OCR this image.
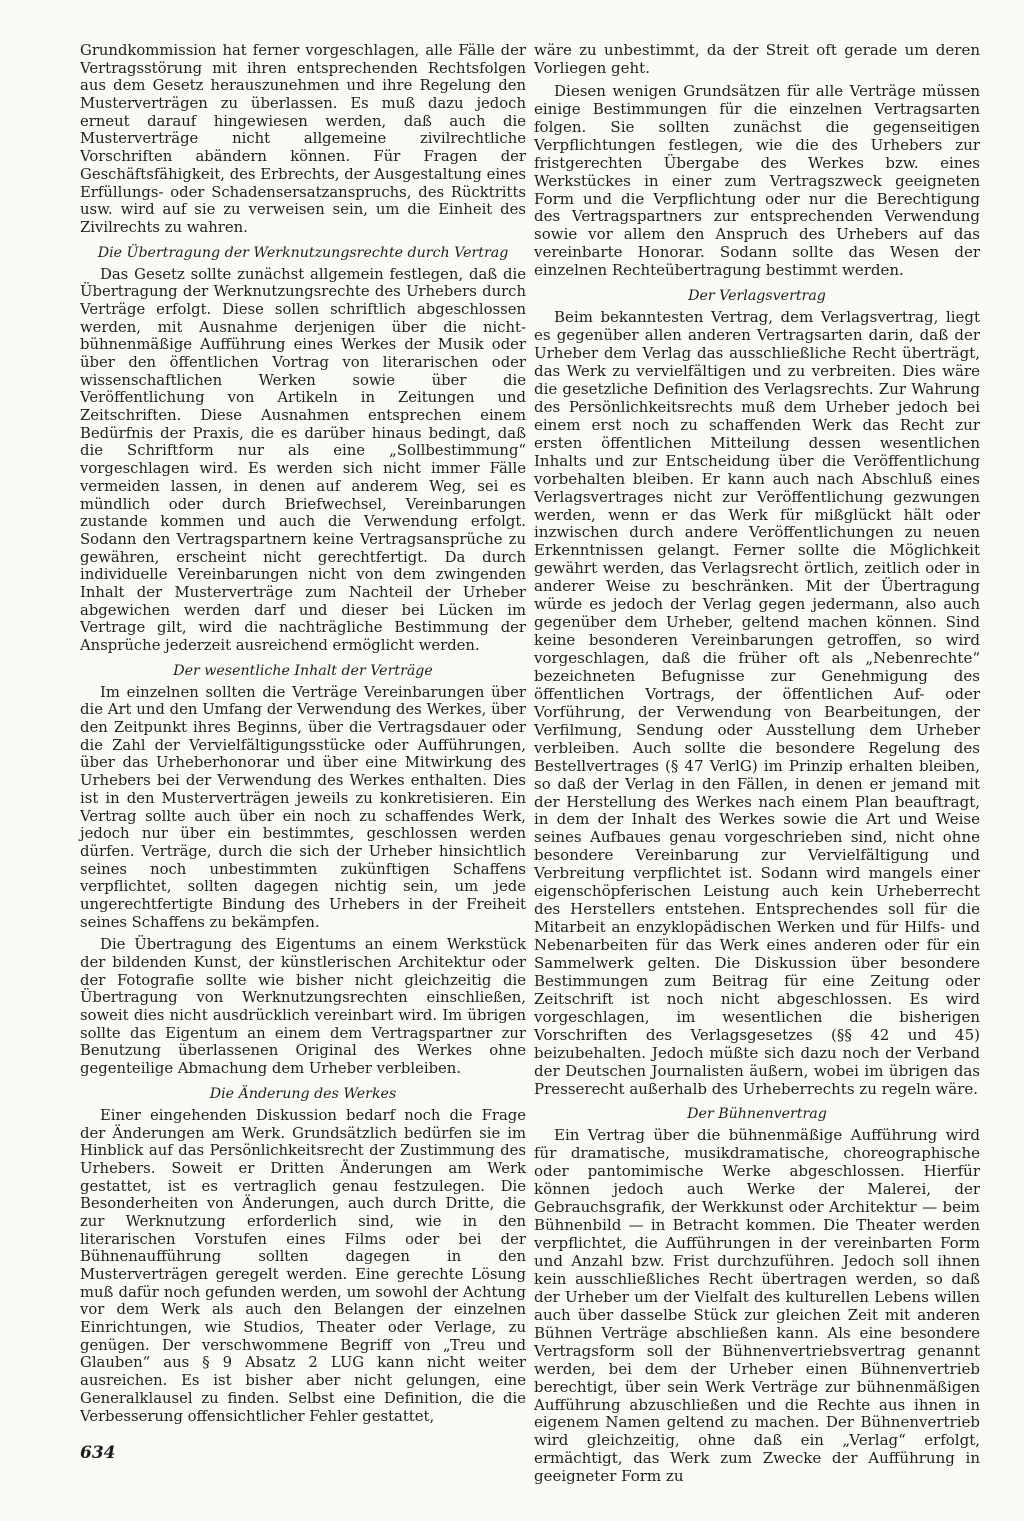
Grundkommission hat ferner vorgeschlagen, alle Fälle der Vertragsstörung mit ihren entsprechenden Rechtsfolgen aus dem Gesetz herauszunehmen und ihre Regelung den Musterverträgen zu überlassen. Es muß dazu jedoch erneut darauf hingewiesen werden, daß auch die Musterverträge nicht allgemeine zivilrechtliche Vorschriften abändern können. Für Fragen der Geschäftsfähigkeit, des Erbrechts, der Ausgestaltung eines Erfüllungs- oder Schadensersatzanspruchs, des Rücktritts usw. wird auf sie zu verweisen sein, um die Einheit des Zivilrechts zu wahren.

Die Übertragung der Werknutzungsrechte durch Vertrag

Das Gesetz sollte zunächst allgemein festlegen, daß die Übertragung der Werknutzungsrechte des Urhebers durch Verträge erfolgt. Diese sollen schriftlich abgeschlossen werden, mit Ausnahme derjenigen über die nicht-bühnenmäßige Aufführung eines Werkes der Musik oder über den öffentlichen Vortrag von literarischen oder wissenschaftlichen Werken sowie über die Veröffentlichung von Artikeln in Zeitungen und Zeitschriften. Diese Ausnahmen entsprechen einem Bedürfnis der Praxis, die es darüber hinaus bedingt, daß die Schriftform nur als eine „Sollbestimmung“ vorgeschlagen wird. Es werden sich nicht immer Fälle vermeiden lassen, in denen auf anderem Weg, sei es mündlich oder durch Briefwechsel, Vereinbarungen zustande kommen und auch die Verwendung erfolgt. Sodann den Vertragspartnern keine Vertragsansprüche zu gewähren, erscheint nicht gerechtfertigt. Da durch individuelle Vereinbarungen nicht von dem zwingenden Inhalt der Musterverträge zum Nachteil der Urheber abgewichen werden darf und dieser bei Lücken im Vertrage gilt, wird die nachträgliche Bestimmung der Ansprüche jederzeit ausreichend ermöglicht werden.

Der wesentliche Inhalt der Verträge

Im einzelnen sollten die Verträge Vereinbarungen über die Art und den Umfang der Verwendung des Werkes, über den Zeitpunkt ihres Beginns, über die Vertragsdauer oder die Zahl der Vervielfältigungsstücke oder Aufführungen, über das Urheberhonorar und über eine Mitwirkung des Urhebers bei der Verwendung des Werkes enthalten. Dies ist in den Musterverträgen jeweils zu konkretisieren. Ein Vertrag sollte auch über ein noch zu schaffendes Werk, jedoch nur über ein bestimmtes, geschlossen werden dürfen. Verträge, durch die sich der Urheber hinsichtlich seines noch unbestimmten zukünftigen Schaffens verpflichtet, sollten dagegen nichtig sein, um jede ungerechtfertigte Bindung des Urhebers in der Freiheit seines Schaffens zu bekämpfen.

Die Übertragung des Eigentums an einem Werkstück der bildenden Kunst, der künstlerischen Architektur oder der Fotografie sollte wie bisher nicht gleichzeitig die Übertragung von Werknutzungsrechten einschließen, soweit dies nicht ausdrücklich vereinbart wird. Im übrigen sollte das Eigentum an einem dem Vertragspartner zur Benutzung überlassenen Original des Werkes ohne gegenteilige Abmachung dem Urheber verbleiben.

Die Änderung des Werkes

Einer eingehenden Diskussion bedarf noch die Frage der Änderungen am Werk. Grundsätzlich bedürfen sie im Hinblick auf das Persönlichkeitsrecht der Zustimmung des Urhebers. Soweit er Dritten Änderungen am Werk gestattet, ist es vertraglich genau festzulegen. Die Besonderheiten von Änderungen, auch durch Dritte, die zur Werknutzung erforderlich sind, wie in den literarischen Vorstufen eines Films oder bei der Bühnenaufführung sollten dagegen in den Musterverträgen geregelt werden. Eine gerechte Lösung muß dafür noch gefunden werden, um sowohl der Achtung vor dem Werk als auch den Belangen der einzelnen Einrichtungen, wie Studios, Theater oder Verlage, zu genügen. Der verschwommene Begriff von „Treu und Glauben“ aus § 9 Absatz 2 LUG kann nicht weiter ausreichen. Es ist bisher aber nicht gelungen, eine Generalklausel zu finden. Selbst eine Definition, die die Verbesserung offensichtlicher Fehler gestattet,

wäre zu unbestimmt, da der Streit oft gerade um deren Vorliegen geht.

Diesen wenigen Grundsätzen für alle Verträge müssen einige Bestimmungen für die einzelnen Vertragsarten folgen. Sie sollten zunächst die gegenseitigen Verpflichtungen festlegen, wie die des Urhebers zur fristgerechten Übergabe des Werkes bzw. eines Werkstückes in einer zum Vertragszweck geeigneten Form und die Verpflichtung oder nur die Berechtigung des Vertragspartners zur entsprechenden Verwendung sowie vor allem den Anspruch des Urhebers auf das vereinbarte Honorar. Sodann sollte das Wesen der einzelnen Rechteübertragung bestimmt werden.

Der Verlagsvertrag

Beim bekanntesten Vertrag, dem Verlagsvertrag, liegt es gegenüber allen anderen Vertragsarten darin, daß der Urheber dem Verlag das ausschließliche Recht überträgt, das Werk zu vervielfältigen und zu verbreiten. Dies wäre die gesetzliche Definition des Verlagsrechts. Zur Wahrung des Persönlichkeitsrechts muß dem Urheber jedoch bei einem erst noch zu schaffenden Werk das Recht zur ersten öffentlichen Mitteilung dessen wesentlichen Inhalts und zur Entscheidung über die Veröffentlichung vorbehalten bleiben. Er kann auch nach Abschluß eines Verlagsvertrages nicht zur Veröffentlichung gezwungen werden, wenn er das Werk für mißglückt hält oder inzwischen durch andere Veröffentlichungen zu neuen Erkenntnissen gelangt. Ferner sollte die Möglichkeit gewährt werden, das Verlagsrecht örtlich, zeitlich oder in anderer Weise zu beschränken. Mit der Übertragung würde es jedoch der Verlag gegen jedermann, also auch gegenüber dem Urheber, geltend machen können. Sind keine besonderen Vereinbarungen getroffen, so wird vorgeschlagen, daß die früher oft als „Nebenrechte“ bezeichneten Befugnisse zur Genehmigung des öffentlichen Vortrags, der öffentlichen Auf- oder Vorführung, der Verwendung von Bearbeitungen, der Verfilmung, Sendung oder Ausstellung dem Urheber verbleiben. Auch sollte die besondere Regelung des Bestellvertrages (§ 47 VerlG) im Prinzip erhalten bleiben, so daß der Verlag in den Fällen, in denen er jemand mit der Herstellung des Werkes nach einem Plan beauftragt, in dem der Inhalt des Werkes sowie die Art und Weise seines Aufbaues genau vorgeschrieben sind, nicht ohne besondere Vereinbarung zur Vervielfältigung und Verbreitung verpflichtet ist. Sodann wird mangels einer eigenschöpferischen Leistung auch kein Urheberrecht des Herstellers entstehen. Entsprechendes soll für die Mitarbeit an enzyklopädischen Werken und für Hilfs- und Nebenarbeiten für das Werk eines anderen oder für ein Sammelwerk gelten. Die Diskussion über besondere Bestimmungen zum Beitrag für eine Zeitung oder Zeitschrift ist noch nicht abgeschlossen. Es wird vorgeschlagen, im wesentlichen die bisherigen Vorschriften des Verlagsgesetzes (§§ 42 und 45) beizubehalten. Jedoch müßte sich dazu noch der Verband der Deutschen Journalisten äußern, wobei im übrigen das Presserecht außerhalb des Urheberrechts zu regeln wäre.

Der Bühnenvertrag

Ein Vertrag über die bühnenmäßige Aufführung wird für dramatische, musikdramatische, choreographische oder pantomimische Werke abgeschlossen. Hierfür können jedoch auch Werke der Malerei, der Gebrauchsgrafik, der Werkkunst oder Architektur — beim Bühnenbild — in Betracht kommen. Die Theater werden verpflichtet, die Aufführungen in der vereinbarten Form und Anzahl bzw. Frist durchzuführen. Jedoch soll ihnen kein ausschließliches Recht übertragen werden, so daß der Urheber um der Vielfalt des kulturellen Lebens willen auch über dasselbe Stück zur gleichen Zeit mit anderen Bühnen Verträge abschließen kann. Als eine besondere Vertragsform soll der Bühnenvertriebsvertrag genannt werden, bei dem der Urheber einen Bühnenvertrieb berechtigt, über sein Werk Verträge zur bühnenmäßigen Aufführung abzuschließen und die Rechte aus ihnen in eigenem Namen geltend zu machen. Der Bühnenvertrieb wird gleichzeitig, ohne daß ein „Verlag“ erfolgt, ermächtigt, das Werk zum Zwecke der Aufführung in geeigneter Form zu

634
